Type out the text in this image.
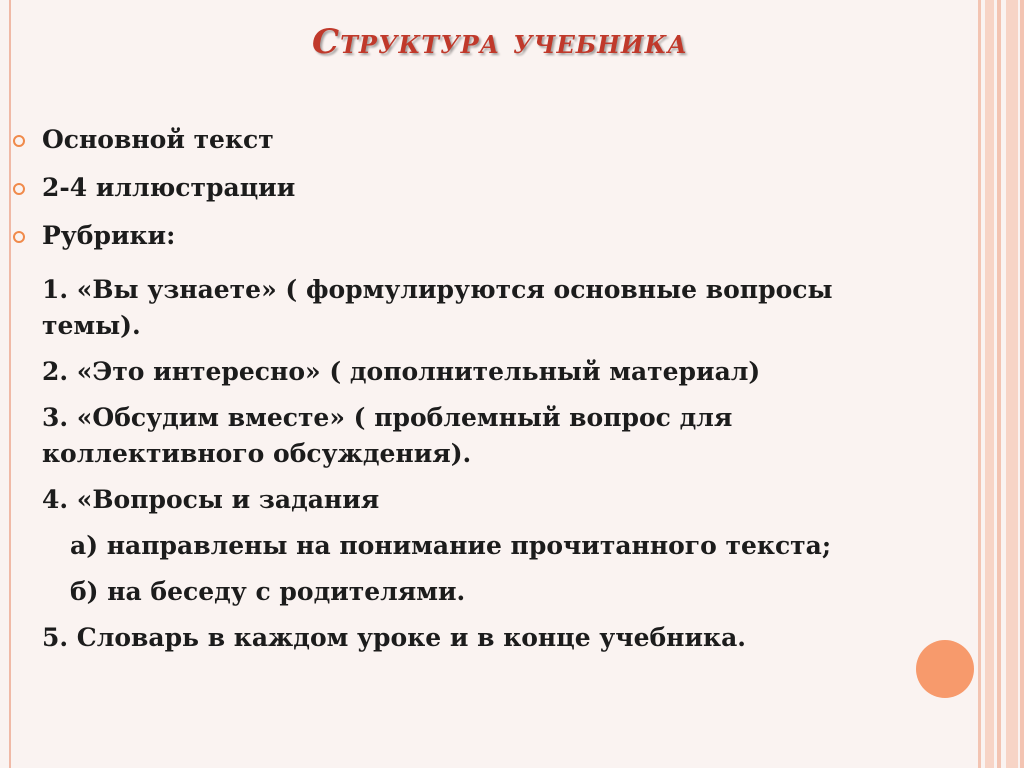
Структура учебника
Основной текст
2-4 иллюстрации
Рубрики:
1. «Вы узнаете» ( формулируются основные вопросы
темы).
2. «Это интересно» ( дополнительный материал)
3. «Обсудим вместе» ( проблемный вопрос для
коллективного обсуждения).
4. «Вопросы и задания
а) направлены на понимание прочитанного текста;
б) на беседу с родителями.
5. Словарь в каждом уроке и в конце учебника.
